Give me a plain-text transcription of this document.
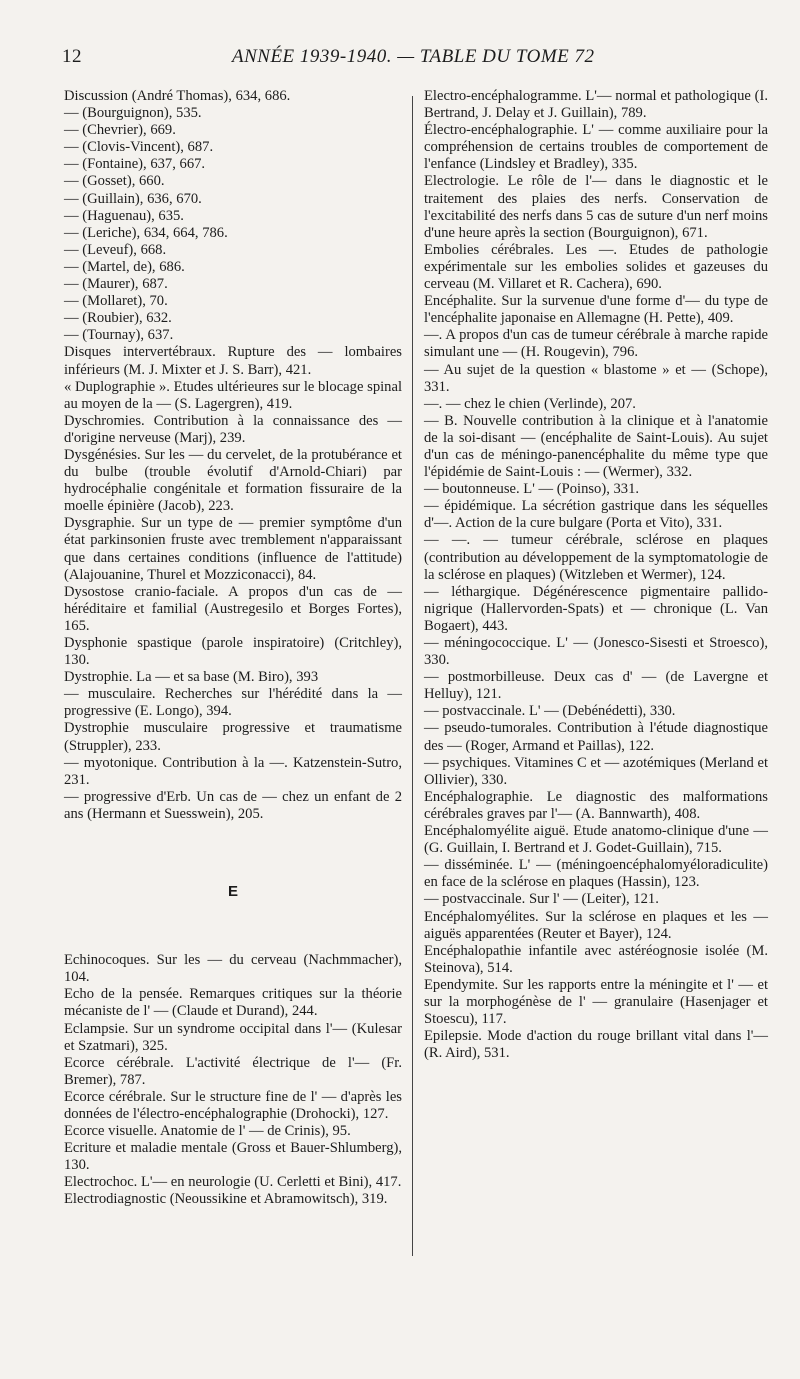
12	ANNÉE 1939-1940. — TABLE DU TOME 72

Discussion (André Thomas), 634, 686.

— (Bourguignon), 535.

— (Chevrier), 669.

— (Clovis-Vincent), 687.

— (Fontaine), 637, 667.

— (Gosset), 660.

— (Guillain), 636, 670.

— (Haguenau), 635.

— (Leriche), 634, 664, 786.

— (Leveuf), 668.

— (Martel, de), 686.

— (Maurer), 687.

— (Mollaret), 70.

— (Roubier), 632.

— (Tournay), 637.

Disques intervertébraux. Rupture des — lombaires inférieurs (M. J. Mixter et J. S. Barr), 421.

« Duplographie ». Etudes ultérieures sur le blocage spinal au moyen de la — (S. Lagergren), 419.

Dyschromies. Contribution à la connaissance des — d'origine nerveuse (Marj), 239.

Dysgénésies. Sur les — du cervelet, de la protubérance et du bulbe (trouble évolutif d'Arnold-Chiari) par hydrocéphalie congénitale et formation fissuraire de la moelle épinière (Jacob), 223.

Dysgraphie. Sur un type de — premier symptôme d'un état parkinsonien fruste avec tremblement n'apparaissant que dans certaines conditions (influence de l'attitude) (Alajouanine, Thurel et Mozziconacci), 84.

Dysostose cranio-faciale. A propos d'un cas de — héréditaire et familial (Austregesilo et Borges Fortes), 165.

Dysphonie spastique (parole inspiratoire) (Critchley), 130.

Dystrophie. La — et sa base (M. Biro), 393

— musculaire. Recherches sur l'hérédité dans la — progressive (E. Longo), 394.

Dystrophie musculaire progressive et traumatisme (Struppler), 233.

— myotonique. Contribution à la —. Katzenstein-Sutro, 231.

— progressive d'Erb. Un cas de — chez un enfant de 2 ans (Hermann et Suesswein), 205.

E

Echinocoques. Sur les — du cerveau (Nachmmacher), 104.

Echo de la pensée. Remarques critiques sur la théorie mécaniste de l' — (Claude et Durand), 244.

Eclampsie. Sur un syndrome occipital dans l'— (Kulesar et Szatmari), 325.

Ecorce cérébrale. L'activité électrique de l'— (Fr. Bremer), 787.

Ecorce cérébrale. Sur le structure fine de l' — d'après les données de l'électro-encéphalographie (Drohocki), 127.

Ecorce visuelle. Anatomie de l' — de Crinis), 95.

Ecriture et maladie mentale (Gross et Bauer-Shlumberg), 130.

Electrochoc. L'— en neurologie (U. Cerletti et Bini), 417.

Electrodiagnostic (Neoussikine et Abramowitsch), 319.

Electro-encéphalogramme. L'— normal et pathologique (I. Bertrand, J. Delay et J. Guillain), 789.

Électro-encéphalographie. L' — comme auxiliaire pour la compréhension de certains troubles de comportement de l'enfance (Lindsley et Bradley), 335.

Electrologie. Le rôle de l'— dans le diagnostic et le traitement des plaies des nerfs. Conservation de l'excitabilité des nerfs dans 5 cas de suture d'un nerf moins d'une heure après la section (Bourguignon), 671.

Embolies cérébrales. Les —. Etudes de pathologie expérimentale sur les embolies solides et gazeuses du cerveau (M. Villaret et R. Cachera), 690.

Encéphalite. Sur la survenue d'une forme d'— du type de l'encéphalite japonaise en Allemagne (H. Pette), 409.

—. A propos d'un cas de tumeur cérébrale à marche rapide simulant une — (H. Rougevin), 796.

— Au sujet de la question « blastome » et — (Schope), 331.

—. — chez le chien (Verlinde), 207.

— B. Nouvelle contribution à la clinique et à l'anatomie de la soi-disant — (encéphalite de Saint-Louis). Au sujet d'un cas de méningo-panencéphalite du même type que l'épidémie de Saint-Louis : — (Wermer), 332.

— boutonneuse. L' — (Poinso), 331.

— épidémique. La sécrétion gastrique dans les séquelles d'—. Action de la cure bulgare (Porta et Vito), 331.

— —. — tumeur cérébrale, sclérose en plaques (contribution au développement de la symptomatologie de la sclérose en plaques) (Witzleben et Wermer), 124.

— léthargique. Dégénérescence pigmentaire pallido-nigrique (Hallervorden-Spats) et — chronique (L. Van Bogaert), 443.

— méningococcique. L' — (Jonesco-Sisesti et Stroesco), 330.

— postmorbilleuse. Deux cas d' — (de Lavergne et Helluy), 121.

— postvaccinale. L' — (Debénédetti), 330.

— pseudo-tumorales. Contribution à l'étude diagnostique des — (Roger, Armand et Paillas), 122.

— psychiques. Vitamines C et — azotémiques (Merland et Ollivier), 330.

Encéphalographie. Le diagnostic des malformations cérébrales graves par l'— (A. Bannwarth), 408.

Encéphalomyélite aiguë. Etude anatomo-clinique d'une — (G. Guillain, I. Bertrand et J. Godet-Guillain), 715.

— disséminée. L' — (méningoencéphalomyéloradiculite) en face de la sclérose en plaques (Hassin), 123.

— postvaccinale. Sur l' — (Leiter), 121.

Encéphalomyélites. Sur la sclérose en plaques et les — aiguës apparentées (Reuter et Bayer), 124.

Encéphalopathie infantile avec astéréognosie isolée (M. Steinova), 514.

Ependymite. Sur les rapports entre la méningite et l' — et sur la morphogénèse de l' — granulaire (Hasenjager et Stoescu), 117.

Epilepsie. Mode d'action du rouge brillant vital dans l'— (R. Aird), 531.
